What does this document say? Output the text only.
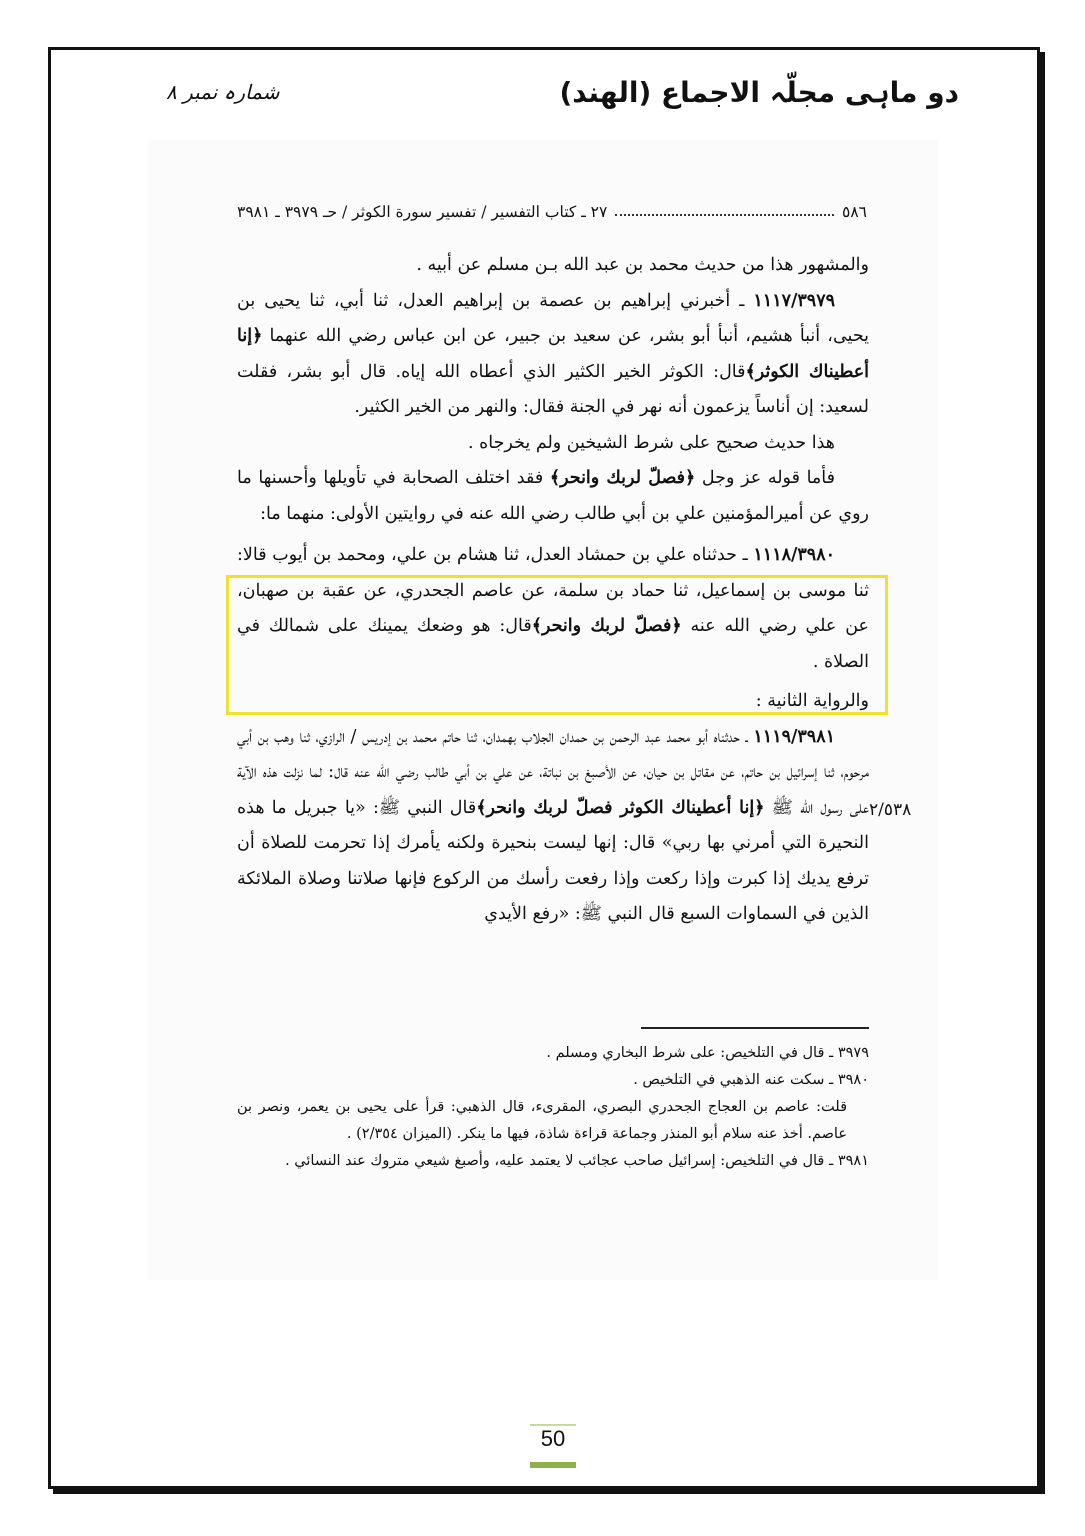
دو ماہی مجلّہ الاجماع (الھند)
شمارہ نمبر ۸
٥٨٦
٢٧ ـ كتاب التفسير / تفسير سورة الكوثر / حـ ٣٩٧٩ ـ ٣٩٨١

والمشهور هذا من حديث محمد بن عبد الله بـن مسلم عن أبيه .

١١١٧/٣٩٧٩ ـ أخبرني إبراهيم بن عصمة بن إبراهيم العدل، ثنا أبي، ثنا يحيى بن يحيى، أنبأ هشيم، أنبأ أبو بشر، عن سعيد بن جبير، عن ابن عباس رضي الله عنهما ﴿إنا أعطيناك الكوثر﴾قال: الكوثر الخير الكثير الذي أعطاه الله إياه. قال أبو بشر، فقلت لسعيد: إن أناساً يزعمون أنه نهر في الجنة فقال: والنهر من الخير الكثير.

هذا حديث صحيح على شرط الشيخين ولم يخرجاه .

فأما قوله عز وجل ﴿فصلّ لربك وانحر﴾ فقد اختلف الصحابة في تأويلها وأحسنها ما روي عن أميرالمؤمنين علي بن أبي طالب رضي الله عنه في روايتين الأولى: منهما ما:

١١١٨/٣٩٨٠ ـ حدثناه علي بن حمشاد العدل، ثنا هشام بن علي، ومحمد بن أيوب قالا: ثنا موسى بن إسماعيل، ثنا حماد بن سلمة، عن عاصم الجحدري، عن عقبة بن صهبان، عن علي رضي الله عنه ﴿فصلّ لربك وانحر﴾قال: هو وضعك يمينك على شمالك في الصلاة .

والرواية الثانية :

١١١٩/٣٩٨١ ـ حدثناه أبو محمد عبد الرحمن بن حمدان الجلاب بهمدان، ثنا حاتم محمد بن إدريس / الرازي، ثنا وهب بن أبي مرحوم، ثنا إسرائيل بن حاتم، عن مقاتل بن حيان، عن الأصبغ بن نباتة، عن علي بن أبي طالب رضي الله عنه قال: لما نزلت هذه الآية على رسول الله ﷺ ﴿إنا أعطيناك الكوثر فصلّ لربك وانحر﴾قال النبي ﷺ: «يا جبريل ما هذه النحيرة التي أمرني بها ربي» قال: إنها ليست بنحيرة ولكنه يأمرك إذا تحرمت للصلاة أن ترفع يديك إذا كبرت وإذا ركعت وإذا رفعت رأسك من الركوع فإنها صلاتنا وصلاة الملائكة الذين في السماوات السبع قال النبي ﷺ: «رفع الأيدي

٢/٥٣٨
٣٩٧٩ ـ قال في التلخيص: على شرط البخاري ومسلم .
٣٩٨٠ ـ سكت عنه الذهبي في التلخيص .
قلت: عاصم بن العجاج الجحدري البصري، المقرىء، قال الذهبي: قرأ على يحيى بن يعمر، ونصر بن عاصم. أخذ عنه سلام أبو المنذر وجماعة قراءة شاذة، فيها ما ينكر. (الميزان ٢/٣٥٤) .
٣٩٨١ ـ قال في التلخيص: إسرائيل صاحب عجائب لا يعتمد عليه، وأصبغ شيعي متروك عند النسائي .
50
